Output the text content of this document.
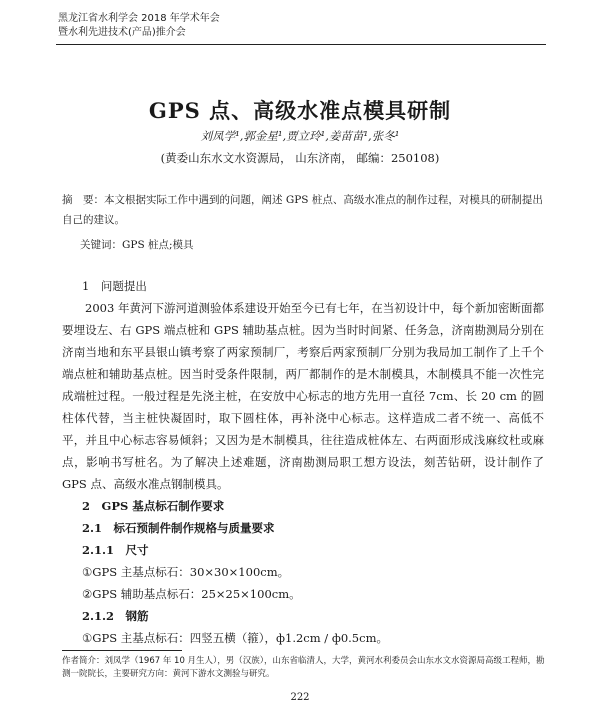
黑龙江省水利学会 2018 年学术年会
暨水利先进技术(产品)推介会
GPS 点、高级水准点模具研制
刘凤学¹,郭金星¹,贾立玲¹,姜苗苗¹,张冬¹
(黄委山东水文水资源局， 山东济南， 邮编：250108)
摘　要：本文根据实际工作中遇到的问题，阐述 GPS 桩点、高级水准点的制作过程，对模具的研制提出自己的建议。
关键词：GPS 桩点;模具
1　问题提出

2003 年黄河下游河道测验体系建设开始至今已有七年，在当初设计中，每个新加密断面都要埋设左、右 GPS 端点桩和 GPS 辅助基点桩。因为当时时间紧、任务急，济南勘测局分别在济南当地和东平县银山镇考察了两家预制厂，考察后两家预制厂分别为我局加工制作了上千个端点桩和辅助基点桩。因当时受条件限制，两厂都制作的是木制模具，木制模具不能一次性完成端桩过程。一般过程是先浇主桩，在安放中心标志的地方先用一直径 7cm、长 20 cm 的圆柱体代替，当主桩快凝固时，取下圆柱体，再补浇中心标志。这样造成二者不统一、高低不平，并且中心标志容易倾斜；又因为是木制模具，往往造成桩体左、右两面形成浅麻纹杜或麻点，影响书写桩名。为了解决上述难题，济南勘测局职工想方设法，刻苦钻研，设计制作了 GPS 点、高级水准点钢制模具。

2　GPS 基点标石制作要求
2.1　标石预制件制作规格与质量要求
2.1.1　尺寸
①GPS 主基点标石：30×30×100cm。
②GPS 辅助基点标石：25×25×100cm。
2.1.2　钢筋
①GPS 主基点标石：四竖五横（箍），ф1.2cm / ф0.5cm。
作者简介：刘凤学（1967 年 10 月生人），男（汉族），山东省临清人，大学，黄河水利委员会山东水文水资源局高级工程师，勘测一院院长，主要研究方向：黄河下游水文测验与研究。
222
